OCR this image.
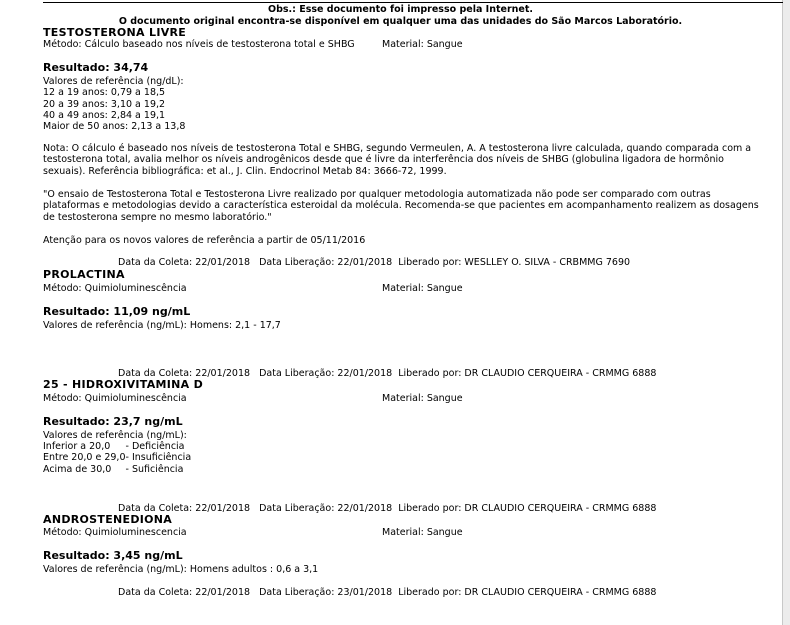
Obs.: Esse documento foi impresso pela Internet.
O documento original encontra-se disponível em qualquer uma das unidades do São Marcos Laboratório.
TESTOSTERONA LIVRE
Método: Cálculo baseado nos níveis de testosterona total e SHBG	Material: Sangue
Resultado: 34,74
Valores de referência (ng/dL):
12 a 19 anos: 0,79 a 18,5
20 a 39 anos: 3,10 a 19,2
40 a 49 anos: 2,84 a 19,1
Maior de 50 anos: 2,13 a 13,8
Nota: O cálculo é baseado nos níveis de testosterona Total e SHBG, segundo Vermeulen, A. A testosterona livre calculada, quando comparada com a testosterona total, avalia melhor os níveis androgênicos desde que é livre da interferência dos níveis de SHBG (globulina ligadora de hormônio sexuais). Referência bibliográfica: et al., J. Clin. Endocrinol Metab 84: 3666-72, 1999.
"O ensaio de Testosterona Total e Testosterona Livre realizado por qualquer metodologia automatizada não pode ser comparado com outras plataformas e metodologias devido a característica esteroidal da molécula. Recomenda-se que pacientes em acompanhamento realizem as dosagens de testosterona sempre no mesmo laboratório."
Atenção para os novos valores de referência a partir de 05/11/2016
Data da Coleta: 22/01/2018 Data Liberação: 22/01/2018 Liberado por: WESLLEY O. SILVA - CRBMMG 7690
PROLACTINA
Método: Quimioluminescência	Material: Sangue
Resultado: 11,09 ng/mL
Valores de referência (ng/mL): Homens: 2,1 - 17,7
Data da Coleta: 22/01/2018 Data Liberação: 22/01/2018 Liberado por: DR CLAUDIO CERQUEIRA - CRMMG 6888
25 - HIDROXIVITAMINA D
Método: Quimioluminescência	Material: Sangue
Resultado: 23,7 ng/mL
Valores de referência (ng/mL):
Inferior a 20,0	- Deficiência
Entre 20,0 e 29,0	- Insuficiência
Acima de 30,0	- Suficiência
Data da Coleta: 22/01/2018 Data Liberação: 22/01/2018 Liberado por: DR CLAUDIO CERQUEIRA - CRMMG 6888
ANDROSTENEDIONA
Método: Quimioluminescencia	Material: Sangue
Resultado: 3,45 ng/mL
Valores de referência (ng/mL): Homens adultos : 0,6 a 3,1
Data da Coleta: 22/01/2018 Data Liberação: 23/01/2018 Liberado por: DR CLAUDIO CERQUEIRA - CRMMG 6888
